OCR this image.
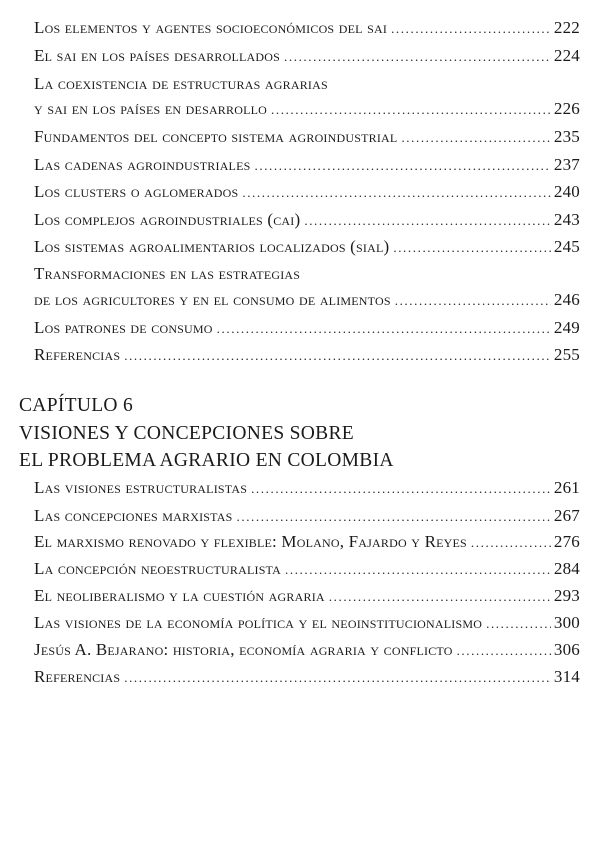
Los elementos y agentes socioeconómicos del sai .....	222
El sai en los países desarrollados .....	224
La coexistencia de estructuras agrarias
y sai en los países en desarrollo .....	226
Fundamentos del concepto sistema agroindustrial .....	235
Las cadenas agroindustriales .....	237
Los clusters o aglomerados .....	240
Los complejos agroindustriales (cai) .....	243
Los sistemas agroalimentarios localizados (sial) .....	245
Transformaciones en las estrategias
de los agricultores y en el consumo de alimentos .....	246
Los patrones de consumo .....	249
Referencias .....	255
CAPÍTULO 6
VISIONES Y CONCEPCIONES SOBRE
EL PROBLEMA AGRARIO EN COLOMBIA
Las visiones estructuralistas .....	261
Las concepciones marxistas .....	267
El marxismo renovado y flexible: Molano, Fajardo y Reyes .....	276
La concepción neoestructuralista .....	284
El neoliberalismo y la cuestión agraria .....	293
Las visiones de la economía política y el neoinstitucionalismo .....	300
Jesús A. Bejarano: historia, economía agraria y conflicto .....	306
Referencias .....	314
